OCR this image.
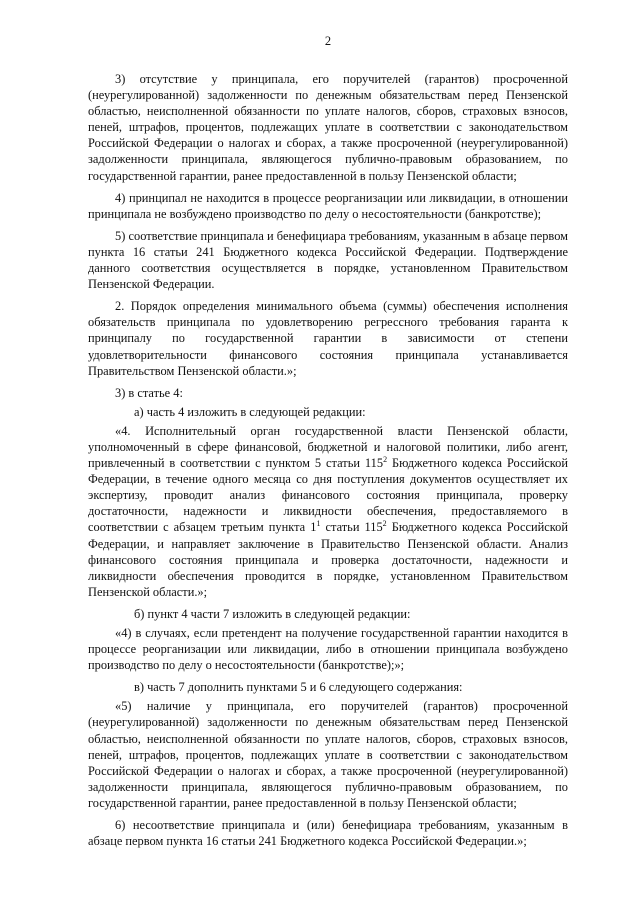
2

3) отсутствие у принципала, его поручителей (гарантов) просроченной (неурегулированной) задолженности по денежным обязательствам перед Пензенской областью, неисполненной обязанности по уплате налогов, сборов, страховых взносов, пеней, штрафов, процентов, подлежащих уплате в соответствии с законодательством Российской Федерации о налогах и сборах, а также просроченной (неурегулированной) задолженности принципала, являющегося публично-правовым образованием, по государственной гарантии, ранее предоставленной в пользу Пензенской области;

4) принципал не находится в процессе реорганизации или ликвидации, в отношении принципала не возбуждено производство по делу о несостоятельности (банкротстве);

5) соответствие принципала и бенефициара требованиям, указанным в абзаце первом пункта 16 статьи 241 Бюджетного кодекса Российской Федерации. Подтверждение данного соответствия осуществляется в порядке, установленном Правительством Пензенской Федерации.

2. Порядок определения минимального объема (суммы) обеспечения исполнения обязательств принципала по удовлетворению регрессного требования гаранта к принципалу по государственной гарантии в зависимости от степени удовлетворительности финансового состояния принципала устанавливается Правительством Пензенской области.»;

3) в статье 4:

а) часть 4 изложить в следующей редакции:

«4. Исполнительный орган государственной власти Пензенской области, уполномоченный в сфере финансовой, бюджетной и налоговой политики, либо агент, привлеченный в соответствии с пунктом 5 статьи $115^2$ Бюджетного кодекса Российской Федерации, в течение одного месяца со дня поступления документов осуществляет их экспертизу, проводит анализ финансового состояния принципала, проверку достаточности, надежности и ликвидности обеспечения, предоставляемого в соответствии с абзацем третьим пункта $1^1$ статьи $115^2$ Бюджетного кодекса Российской Федерации, и направляет заключение в Правительство Пензенской области. Анализ финансового состояния принципала и проверка достаточности, надежности и ликвидности обеспечения проводится в порядке, установленном Правительством Пензенской области.»;

б) пункт 4 части 7 изложить в следующей редакции:

«4) в случаях, если претендент на получение государственной гарантии находится в процессе реорганизации или ликвидации, либо в отношении принципала возбуждено производство по делу о несостоятельности (банкротстве);»;

в) часть 7 дополнить пунктами 5 и 6 следующего содержания:

«5) наличие у принципала, его поручителей (гарантов) просроченной (неурегулированной) задолженности по денежным обязательствам перед Пензенской областью, неисполненной обязанности по уплате налогов, сборов, страховых взносов, пеней, штрафов, процентов, подлежащих уплате в соответствии с законодательством Российской Федерации о налогах и сборах, а также просроченной (неурегулированной) задолженности принципала, являющегося публично-правовым образованием, по государственной гарантии, ранее предоставленной в пользу Пензенской области;

6) несоответствие принципала и (или) бенефициара требованиям, указанным в абзаце первом пункта 16 статьи 241 Бюджетного кодекса Российской Федерации.»;
